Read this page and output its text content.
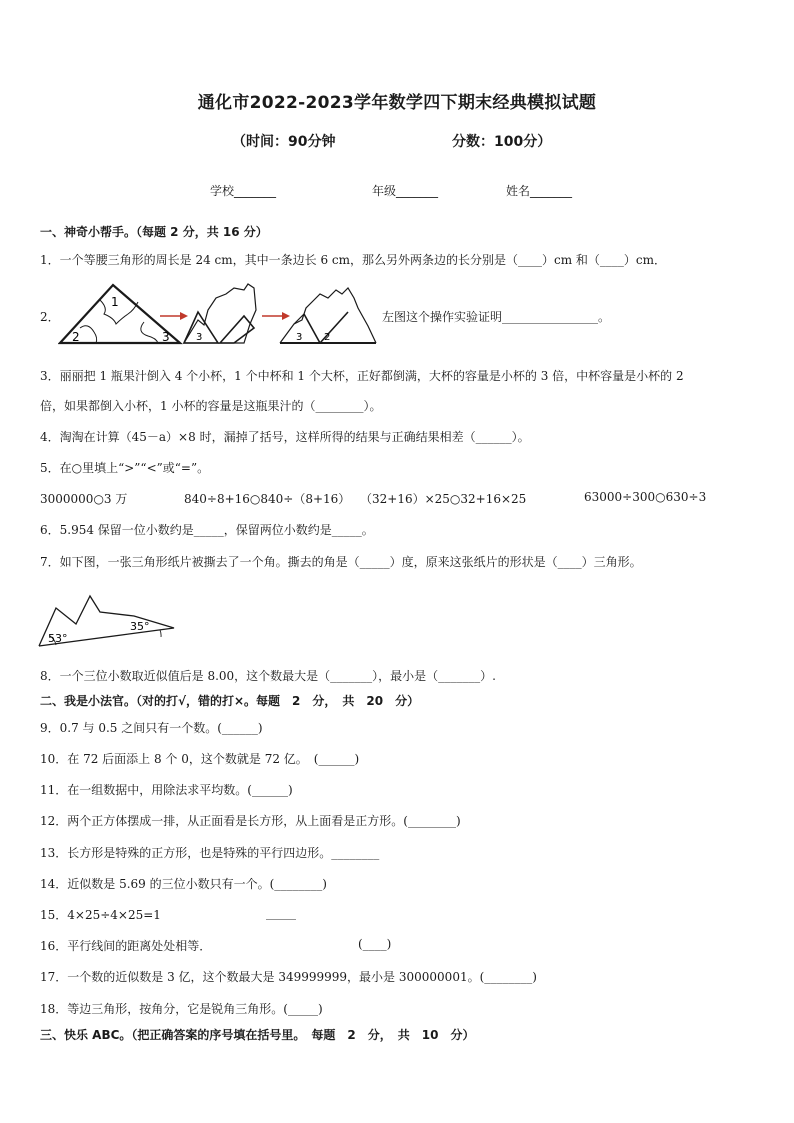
通化市2022-2023学年数学四下期末经典模拟试题
（时间：90分钟	分数：100分）
学校_______	年级_______	姓名_______
一、神奇小帮手。（每题 2 分，共 16 分）
1．一个等腰三角形的周长是 24 cm，其中一条边长 6 cm，那么另外两条边的长分别是（____）cm 和（____）cm．
2．
1
2	3	3	3 2
左图这个操作实验证明________________。
3．丽丽把 1 瓶果汁倒入 4 个小杯，1 个中杯和 1 个大杯，正好都倒满，大杯的容量是小杯的 3 倍，中杯容量是小杯的 2
倍，如果都倒入小杯，1 小杯的容量是这瓶果汁的（________）。
4．淘淘在计算（45－a）×8 时，漏掉了括号，这样所得的结果与正确结果相差（______）。
5．在○里填上“>”“<”或“=”。
3000000○3 万	840÷8+16○840÷（8+16） （32+16）×25○32+16×25	63000÷300○630÷3
6．5.954 保留一位小数约是_____，保留两位小数约是_____。
7．如下图，一张三角形纸片被撕去了一个角。撕去的角是（_____）度，原来这张纸片的形状是（____）三角形。
53°
35°
8．一个三位小数取近似值后是 8.00，这个数最大是（_______），最小是（_______）.
二、我是小法官。（对的打√，错的打×。每题　2　分，　共　20　分）
9．0.7 与 0.5 之间只有一个数。(______)
10．在 72 后面添上 8 个 0，这个数就是 72 亿。　(______)
11．在一组数据中，用除法求平均数。(______)
12．两个正方体摆成一排，从正面看是长方形，从上面看是正方形。(________)
13．长方形是特殊的正方形，也是特殊的平行四边形。________
14．近似数是 5.69 的三位小数只有一个。(________)
15．4×25÷4×25=1	_____
16．平行线间的距离处处相等．	(____)
17．一个数的近似数是 3 亿，这个数最大是 349999999，最小是 300000001。(________)
18．等边三角形，按角分，它是锐角三角形。(_____)
三、快乐 ABC。（把正确答案的序号填在括号里。　每题　2　分，　共　10　分）
